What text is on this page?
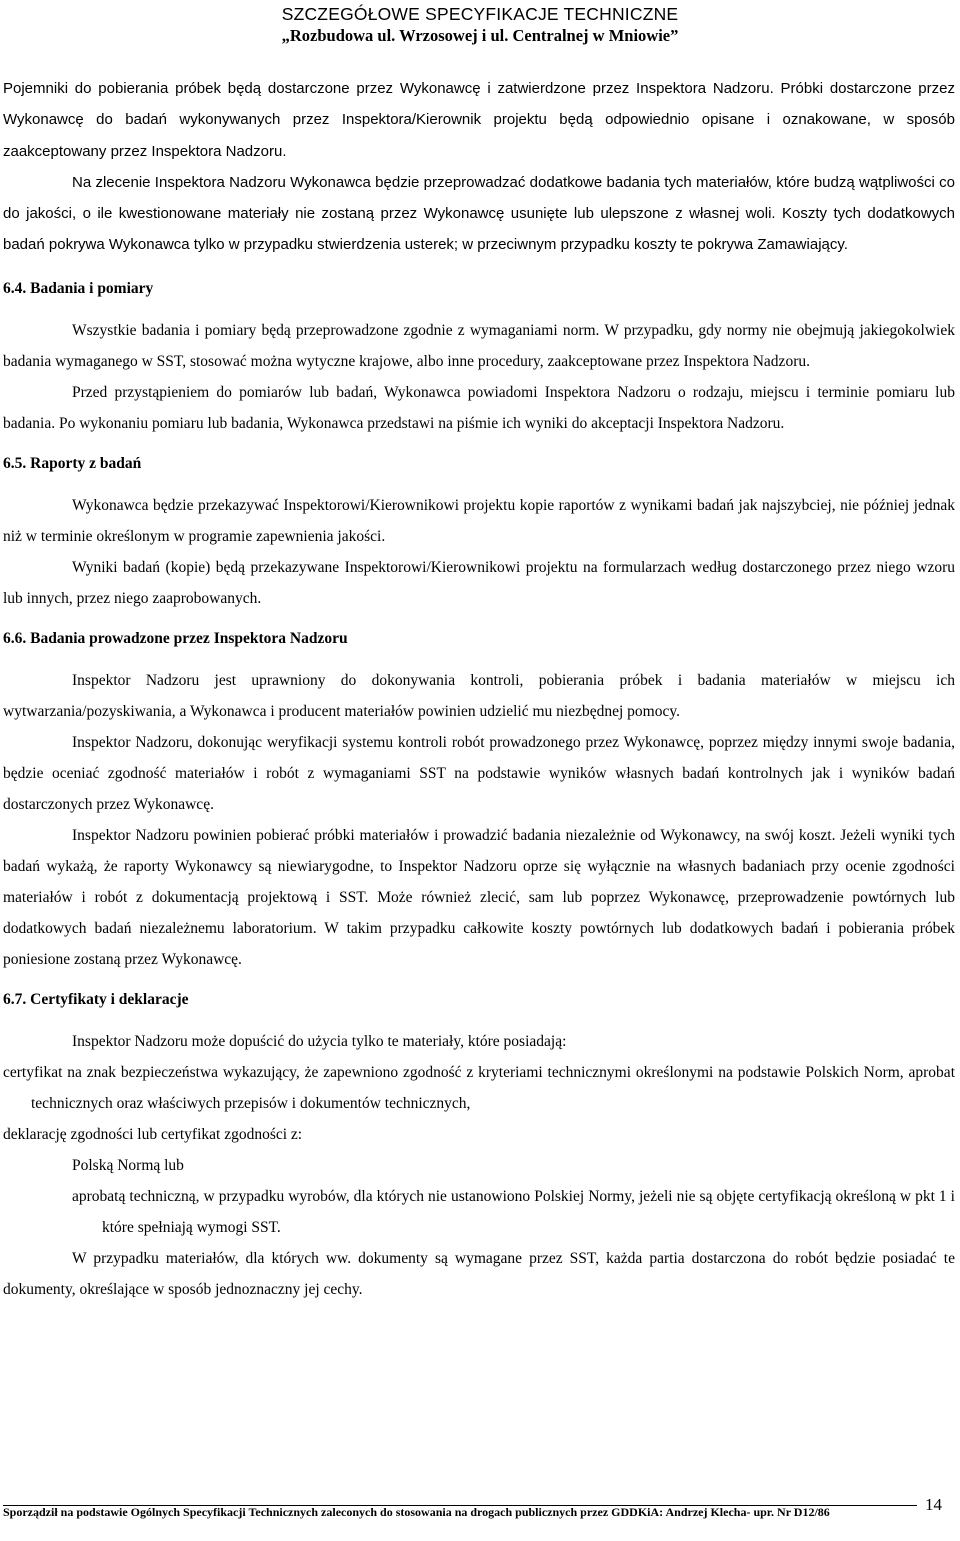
SZCZEGÓŁOWE SPECYFIKACJE TECHNICZNE
„Rozbudowa ul. Wrzosowej i ul. Centralnej w Mniowie”

Pojemniki do pobierania próbek będą dostarczone przez Wykonawcę i zatwierdzone przez Inspektora Nadzoru. Próbki dostarczone przez Wykonawcę do badań wykonywanych przez Inspektora/Kierownik projektu będą odpowiednio opisane i oznakowane, w sposób zaakceptowany przez Inspektora Nadzoru.

Na zlecenie Inspektora Nadzoru Wykonawca będzie przeprowadzać dodatkowe badania tych materiałów, które budzą wątpliwości co do jakości, o ile kwestionowane materiały nie zostaną przez Wykonawcę usunięte lub ulepszone z własnej woli. Koszty tych dodatkowych badań pokrywa Wykonawca tylko w przypadku stwierdzenia usterek; w przeciwnym przypadku koszty te pokrywa Zamawiający.

6.4. Badania i pomiary

Wszystkie badania i pomiary będą przeprowadzone zgodnie z wymaganiami norm. W przypadku, gdy normy nie obejmują jakiegokolwiek badania wymaganego w SST, stosować można wytyczne krajowe, albo inne procedury, zaakceptowane przez Inspektora Nadzoru.

Przed przystąpieniem do pomiarów lub badań, Wykonawca powiadomi Inspektora Nadzoru o rodzaju, miejscu i terminie pomiaru lub badania. Po wykonaniu pomiaru lub badania, Wykonawca przedstawi na piśmie ich wyniki do akceptacji Inspektora Nadzoru.

6.5. Raporty z badań

Wykonawca będzie przekazywać Inspektorowi/Kierownikowi projektu kopie raportów z wynikami badań jak najszybciej, nie później jednak niż w terminie określonym w programie zapewnienia jakości.

Wyniki badań (kopie) będą przekazywane Inspektorowi/Kierownikowi projektu na formularzach według dostarczonego przez niego wzoru lub innych, przez niego zaaprobowanych.

6.6. Badania prowadzone przez Inspektora Nadzoru

Inspektor Nadzoru jest uprawniony do dokonywania kontroli, pobierania próbek i badania materiałów w miejscu ich wytwarzania/pozyskiwania, a Wykonawca i producent materiałów powinien udzielić mu niezbędnej pomocy.

Inspektor Nadzoru, dokonując weryfikacji systemu kontroli robót prowadzonego przez Wykonawcę, poprzez między innymi swoje badania, będzie oceniać zgodność materiałów i robót z wymaganiami SST na podstawie wyników własnych badań kontrolnych jak i wyników badań dostarczonych przez Wykonawcę.

Inspektor Nadzoru powinien pobierać próbki materiałów i prowadzić badania niezależnie od Wykonawcy, na swój koszt. Jeżeli wyniki tych badań wykażą, że raporty Wykonawcy są niewiarygodne, to Inspektor Nadzoru oprze się wyłącznie na własnych badaniach przy ocenie zgodności materiałów i robót z dokumentacją projektową i SST. Może również zlecić, sam lub poprzez Wykonawcę, przeprowadzenie powtórnych lub dodatkowych badań niezależnemu laboratorium. W takim przypadku całkowite koszty powtórnych lub dodatkowych badań i pobierania próbek poniesione zostaną przez Wykonawcę.

6.7. Certyfikaty i deklaracje

Inspektor Nadzoru może dopuścić do użycia tylko te materiały, które posiadają:

certyfikat na znak bezpieczeństwa wykazujący, że zapewniono zgodność z kryteriami technicznymi określonymi na podstawie Polskich Norm, aprobat technicznych oraz właściwych przepisów i dokumentów technicznych,

deklarację zgodności lub certyfikat zgodności z:

Polską Normą lub

aprobatą techniczną, w przypadku wyrobów, dla których nie ustanowiono Polskiej Normy, jeżeli nie są objęte certyfikacją określoną w pkt 1 i które spełniają wymogi SST.

W przypadku materiałów, dla których ww. dokumenty są wymagane przez SST, każda partia dostarczona do robót będzie posiadać te dokumenty, określające w sposób jednoznaczny jej cechy.

14
Sporządził na podstawie Ogólnych Specyfikacji Technicznych zaleconych do stosowania na drogach publicznych przez GDDKiA: Andrzej Klecha- upr. Nr D12/86
